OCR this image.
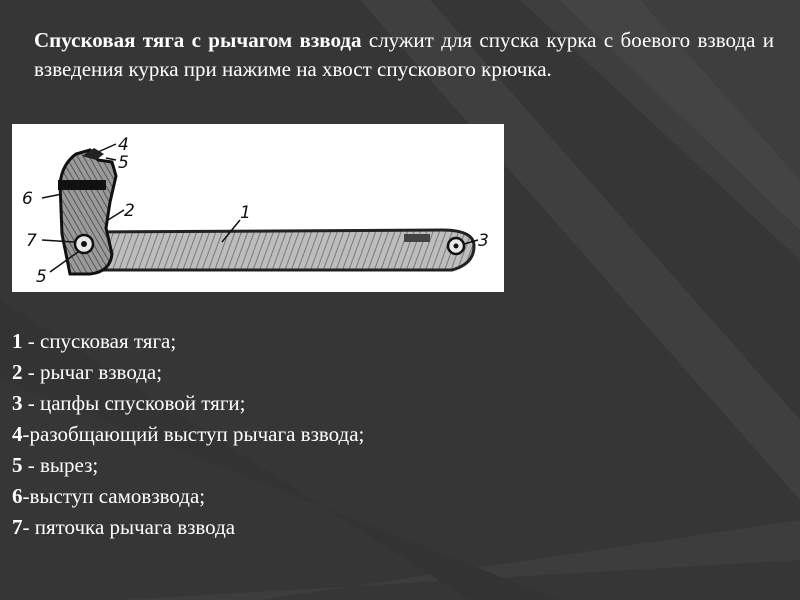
Спусковая тяга с рычагом взвода служит для спуска курка с боевого взвода и взведения курка при нажиме на хвост спускового крючка.

4
5
6
2	1
7	3
5
1 - спусковая тяга;
2 - рычаг взвода;
3 - цапфы спусковой тяги;
4-разобщающий выступ рычага взвода;
5 - вырез;
6-выступ самовзвода;
7- пяточка рычага взвода
